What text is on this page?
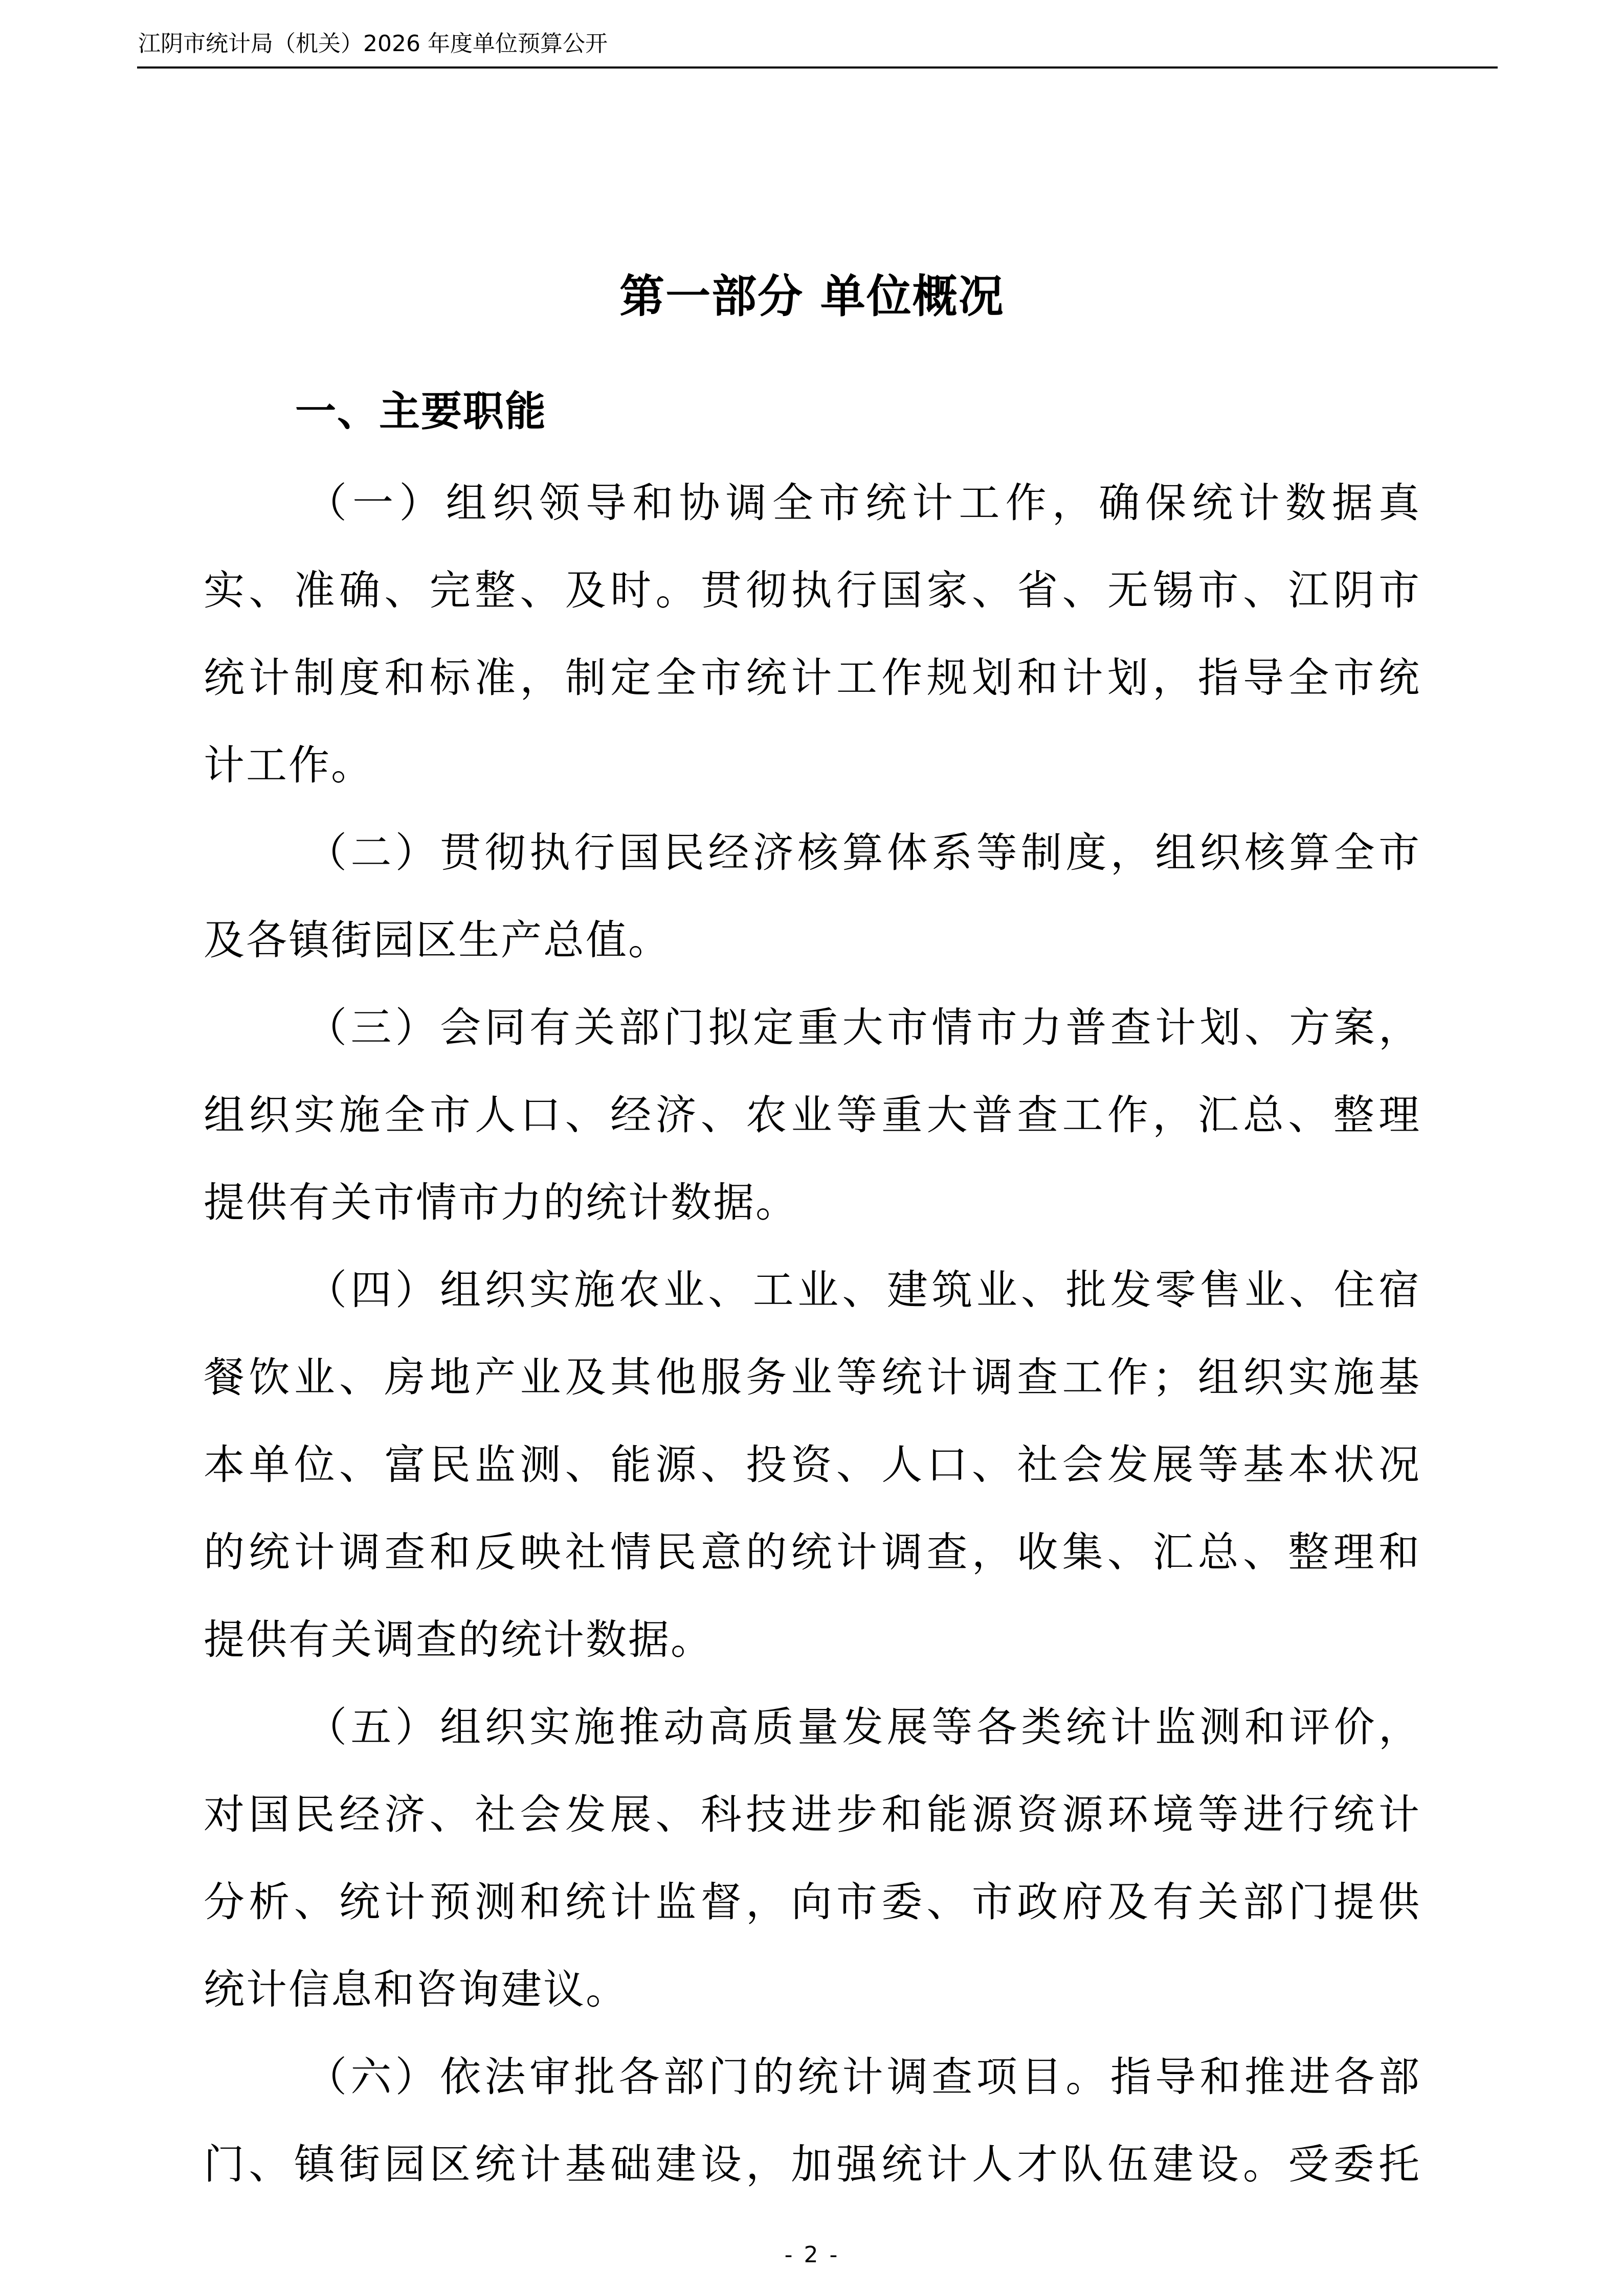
江阴市统计局（机关）2026 年度单位预算公开
第一部分 单位概况
一、主要职能
（一）组织领导和协调全市统计工作，确保统计数据真
实、准确、完整、及时。贯彻执行国家、省、无锡市、江阴市
统计制度和标准，制定全市统计工作规划和计划，指导全市统
计工作。
（二）贯彻执行国民经济核算体系等制度，组织核算全市
及各镇街园区生产总值。
（三）会同有关部门拟定重大市情市力普查计划、方案，
组织实施全市人口、经济、农业等重大普查工作，汇总、整理
提供有关市情市力的统计数据。
（四）组织实施农业、工业、建筑业、批发零售业、住宿
餐饮业、房地产业及其他服务业等统计调查工作；组织实施基
本单位、富民监测、能源、投资、人口、社会发展等基本状况
的统计调查和反映社情民意的统计调查，收集、汇总、整理和
提供有关调查的统计数据。
（五）组织实施推动高质量发展等各类统计监测和评价，
对国民经济、社会发展、科技进步和能源资源环境等进行统计
分析、统计预测和统计监督，向市委、市政府及有关部门提供
统计信息和咨询建议。
（六）依法审批各部门的统计调查项目。指导和推进各部
门、镇街园区统计基础建设，加强统计人才队伍建设。受委托
- 2 -
